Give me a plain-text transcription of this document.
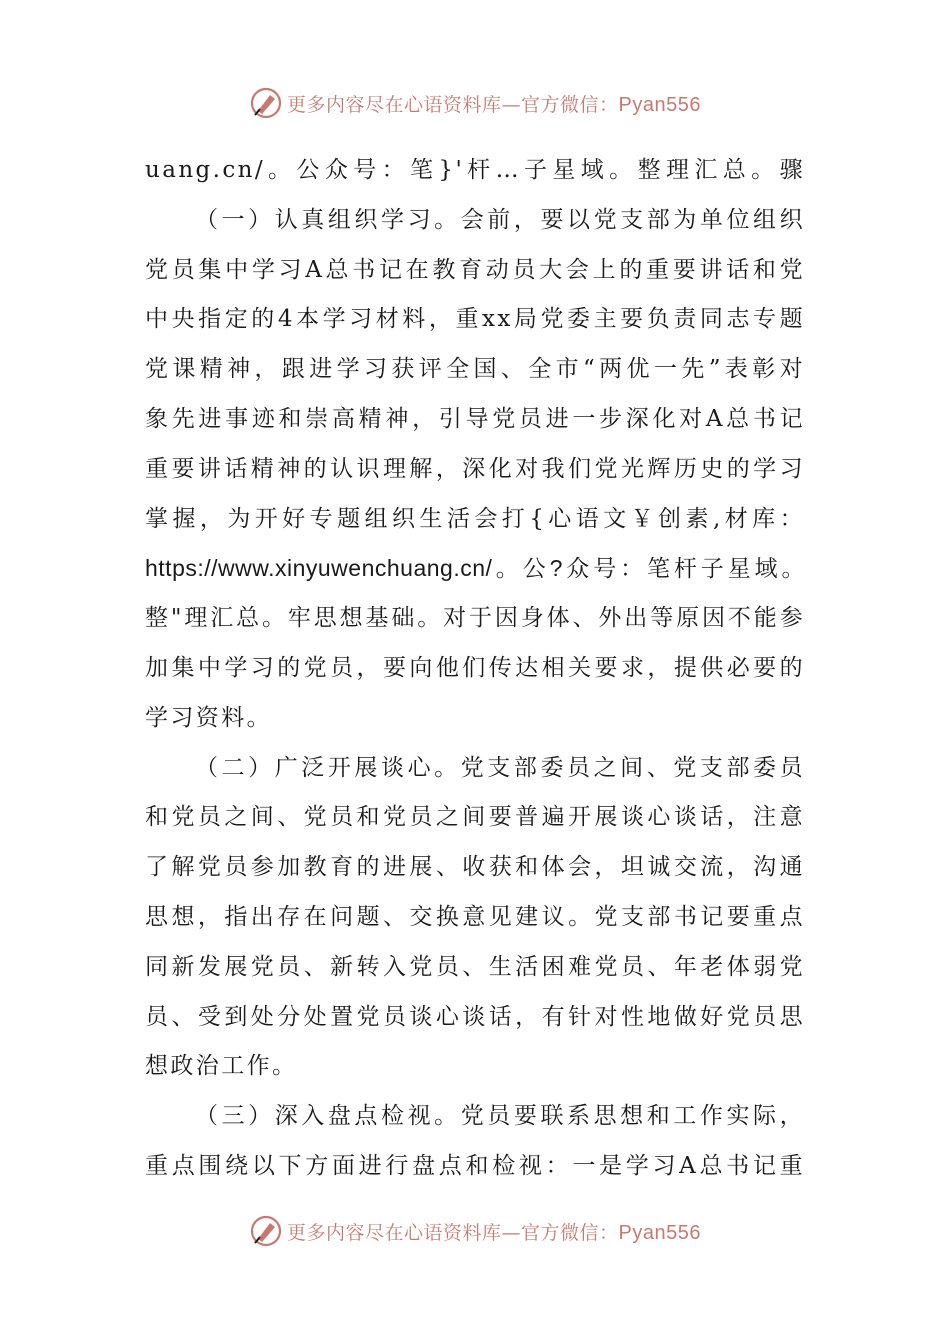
更多内容尽在心语资料库—官方微信：Pyan556
uang.cn/。公众号：笔}'杆…子星域。整理汇总。骤
（一）认真组织学习。会前，要以党支部为单位组织
党员集中学习A总书记在教育动员大会上的重要讲话和党
中央指定的4本学习材料，重xx局党委主要负责同志专题
党课精神，跟进学习获评全国、全市“两优一先”表彰对
象先进事迹和崇高精神，引导党员进一步深化对A总书记
重要讲话精神的认识理解，深化对我们党光辉历史的学习
掌握，为开好专题组织生活会打{心语文￥创素,材库：
https://www.xinyuwenchuang.cn/。公?众号：笔杆子星域。
整"理汇总。牢思想基础。对于因身体、外出等原因不能参
加集中学习的党员，要向他们传达相关要求，提供必要的
学习资料。
（二）广泛开展谈心。党支部委员之间、党支部委员
和党员之间、党员和党员之间要普遍开展谈心谈话，注意
了解党员参加教育的进展、收获和体会，坦诚交流，沟通
思想，指出存在问题、交换意见建议。党支部书记要重点
同新发展党员、新转入党员、生活困难党员、年老体弱党
员、受到处分处置党员谈心谈话，有针对性地做好党员思
想政治工作。
（三）深入盘点检视。党员要联系思想和工作实际，
重点围绕以下方面进行盘点和检视：一是学习A总书记重
更多内容尽在心语资料库—官方微信：Pyan556
